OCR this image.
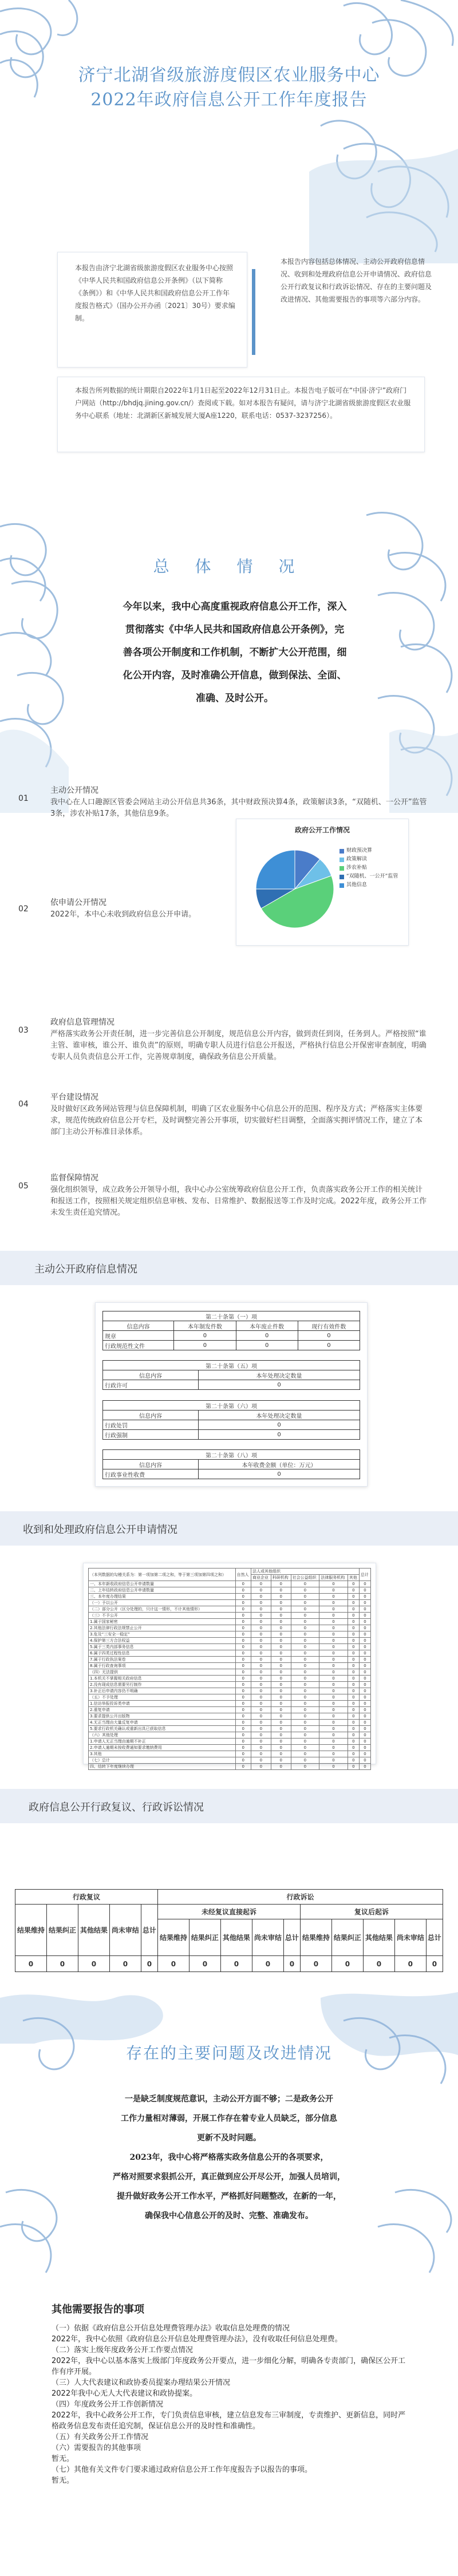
济宁北湖省级旅游度假区农业服务中心
2022年政府信息公开工作年度报告
本报告由济宁北湖省级旅游度假区农业服务中心按照《中华人民共和国政府信息公开条例》（以下简称《条例》）和《中华人民共和国政府信息公开工作年度报告格式》（国办公开办函〔2021〕30号）要求编制。
本报告内容包括总体情况、主动公开政府信息情况、收到和处理政府信息公开申请情况、政府信息公开行政复议和行政诉讼情况、存在的主要问题及改进情况、其他需要报告的事项等六部分内容。
本报告所列数据的统计期限自2022年1月1日起至2022年12月31日止。本报告电子版可在“中国·济宁”政府门户网站（http://bhdjq.jining.gov.cn/）查阅或下载。如对本报告有疑问，请与济宁北湖省级旅游度假区农业服务中心联系（地址：北湖新区新城发展大厦A座1220，联系电话：0537-3237256）。
总 体 情 况
今年以来，我中心高度重视政府信息公开工作，深入
贯彻落实《中华人民共和国政府信息公开条例》，完
善各项公开制度和工作机制，不断扩大公开范围，细
化公开内容，及时准确公开信息，做到保法、全面、
准确、及时公开。
01
主动公开情况
我中心在人口趣源区管委会网站主动公开信息共36条，其中财政预决算4条，政策解读3条，“双随机、一公开”监管3条，涉农补贴17条，其他信息9条。
政府公开工作情况
财政预决算
政策解读
涉农补贴
“双随机、一公开”监管
其他信息
02
依申请公开情况
2022年，本中心未收到政府信息公开申请。
03
政府信息管理情况
严格落实政务公开责任制，进一步完善信息公开制度，规范信息公开内容，做到责任到岗，任务到人。严格按照“谁主管、谁审核，谁公开、谁负责”的原则，明确专职人员进行信息公开报送，严格执行信息公开保密审查制度，明确专职人员负责信息公开工作，完善规章制度，确保政务信息公开质量。
04
平台建设情况
及时做好区政务网站管理与信息保障机制，明确了区农业服务中心信息公开的范围、程序及方式；严格落实主体要求，规范传统政府信息公开专栏，及时调整完善公开事项，切实做好栏目调整，全面落实拥评情况工作，建立了本部门主动公开标准目录体系。
05
监督保障情况
强化组织领导，成立政务公开领导小组，我中心办公室统筹政府信息公开工作，负责落实政务公开工作的相关统计和报送工作，按照相关规定组织信息审核、发布、日常维护、数据报送等工作及时完成。2022年度，政务公开工作未发生责任追究情况。
主动公开政府信息情况
第二十条第（一）项			
信息内容	本年制发件数	本年废止件数	现行有效件数
规章	0	0	0
行政规范性文件	0	0	0
第二十条第（五）项	
信息内容	本年处理决定数量
行政许可	0
第二十条第（六）项	
信息内容	本年处理决定数量
行政处罚	0
行政强制	0
第二十条第（八）项	
信息内容	本年收费金额（单位：万元）
行政事业性收费	0
收到和处理政府信息公开申请情况
（本列数据的勾稽关系为：第一项加第二项之和，等于第三项加第四项之和）	自然人	法人或其他组织					总计
		商业企业	科研机构	社会公益组织	法律服务机构	其他	
一、本年新收政府信息公开申请数量	0	0	0	0	0	0	0
二、上年结转政府信息公开申请数量	0	0	0	0	0	0	0
三、本年度办理结果	0	0	0	0	0	0	0
（一）予以公开	0	0	0	0	0	0	0
（二）部分公开（区分处理的，只计这一情形，不计其他情形）	0	0	0	0	0	0	0
（三）不予公开	0	0	0	0	0	0	0
1.属于国家秘密	0	0	0	0	0	0	0
2.其他法律行政法规禁止公开	0	0	0	0	0	0	0
3.危及“三安全一稳定”	0	0	0	0	0	0	0
4.保护第三方合法权益	0	0	0	0	0	0	0
5.属于三类内部事务信息	0	0	0	0	0	0	0
6.属于四类过程性信息	0	0	0	0	0	0	0
7.属于行政执法案卷	0	0	0	0	0	0	0
8.属于行政查询事项	0	0	0	0	0	0	0
（四）无法提供	0	0	0	0	0	0	0
1.本机关不掌握相关政府信息	0	0	0	0	0	0	0
2.没有现成信息需要另行制作	0	0	0	0	0	0	0
3.补正后申请内容仍不明确	0	0	0	0	0	0	0
（五）不予处理	0	0	0	0	0	0	0
1.信访举报投诉类申请	0	0	0	0	0	0	0
2.重复申请	0	0	0	0	0	0	0
3.要求提供公开出版物	0	0	0	0	0	0	0
4.无正当理由大量反复申请	0	0	0	0	0	0	0
5.要求行政机关确认或重新出具已获取信息	0	0	0	0	0	0	0
（六）其他处理	0	0	0	0	0	0	0
1.申请人无正当理由逾期不补正	0	0	0	0	0	0	0
2.申请人逾期未按收费通知要求缴纳费用	0	0	0	0	0	0	0
3.其他	0	0	0	0	0	0	0
（七）总计	0	0	0	0	0	0	0
四、结转下年度继续办理	0	0	0	0	0	0	0
政府信息公开行政复议、行政诉讼情况
行政复议					行政诉讼									
结果维持	结果纠正	其他结果	尚未审结	总计	未经复议直接起诉					复议后起诉				
					结果维持	结果纠正	其他结果	尚未审结	总计	结果维持	结果纠正	其他结果	尚未审结	总计
0	0	0	0	0	0	0	0	0	0	0	0	0	0	0
存在的主要问题及改进情况
一是缺乏制度规范意识，主动公开方面不够；二是政务公开
工作力量相对薄弱，开展工作存在着专业人员缺乏，部分信息
更新不及时问题。
2023年，我中心将严格落实政务信息公开的各项要求，
严格对照要求狠抓公开，真正做到应公开尽公开，加强人员培训，
提升做好政务公开工作水平，严格抓好问题整改，在新的一年，
确保我中心信息公开的及时、完整、准确发布。
其他需要报告的事项
（一）依据《政府信息公开信息处理费管理办法》收取信息处理费的情况
2022年，我中心依照《政府信息公开信息处理费管理办法》，没有收取任何信息处理费。
（二）落实上级年度政务公开工作要点情况
2022年，我中心以基本落实上级部门年度政务公开要点，进一步细化分解，明确各专责部门，确保区公开工作有序开展。
（三）人大代表建议和政协委员提案办理结果公开情况
2022年我中心无人大代表建议和政协提案。
（四）年度政务公开工作创新情况
2022年，我中心政务公开工作，专门负责信息审核，建立信息发布三审制度，专责维护、更新信息，同时严格政务信息发布责任追究制，保证信息公开的及时性和准确性。
（五）有关政务公开工作情况
（六）需要报告的其他事项
暂无。
（七）其他有关文件专门要求通过政府信息公开工作年度报告予以报告的事项。
暂无。
